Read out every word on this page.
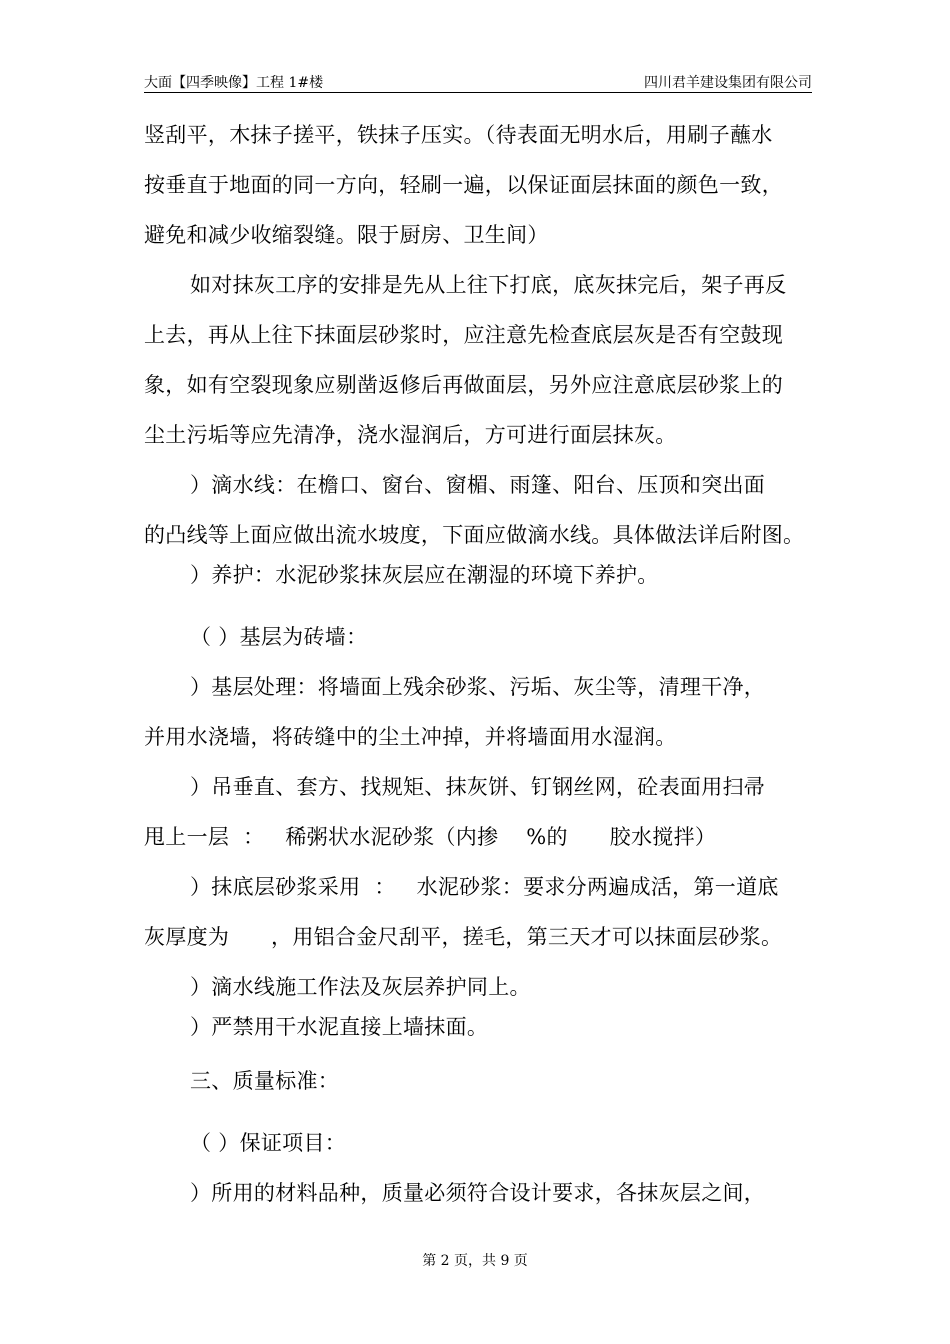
大面【四季映像】工程 1#楼	四川君羊建设集团有限公司
竖刮平，木抹子搓平，铁抹子压实。（待表面无明水后，用刷子蘸水
按垂直于地面的同一方向，轻刷一遍，以保证面层抹面的颜色一致，
避免和减少收缩裂缝。限于厨房、卫生间）
如对抹灰工序的安排是先从上往下打底，底灰抹完后，架子再反
上去，再从上往下抹面层砂浆时，应注意先检查底层灰是否有空鼓现
象，如有空裂现象应剔凿返修后再做面层，另外应注意底层砂浆上的
尘土污垢等应先清净，浇水湿润后，方可进行面层抹灰。
）滴水线：在檐口、窗台、窗楣、雨篷、阳台、压顶和突出面
的凸线等上面应做出流水坡度，下面应做滴水线。具体做法详后附图。
）养护：水泥砂浆抹灰层应在潮湿的环境下养护。
（ ）基层为砖墙：
）基层处理：将墙面上残余砂浆、污垢、灰尘等，清理干净，
并用水浇墙，将砖缝中的尘土冲掉，并将墙面用水湿润。
）吊垂直、套方、找规矩、抹灰饼、钉钢丝网，砼表面用扫帚
甩上一层  ：   稀粥状水泥砂浆（内掺    %的      胶水搅拌）
）抹底层砂浆采用  ：   水泥砂浆：要求分两遍成活，第一道底
灰厚度为      ，用铝合金尺刮平，搓毛，第三天才可以抹面层砂浆。
）滴水线施工作法及灰层养护同上。
）严禁用干水泥直接上墙抹面。
三、质量标准：
（ ）保证项目：
）所用的材料品种，质量必须符合设计要求，各抹灰层之间，
第 2 页，共 9 页
